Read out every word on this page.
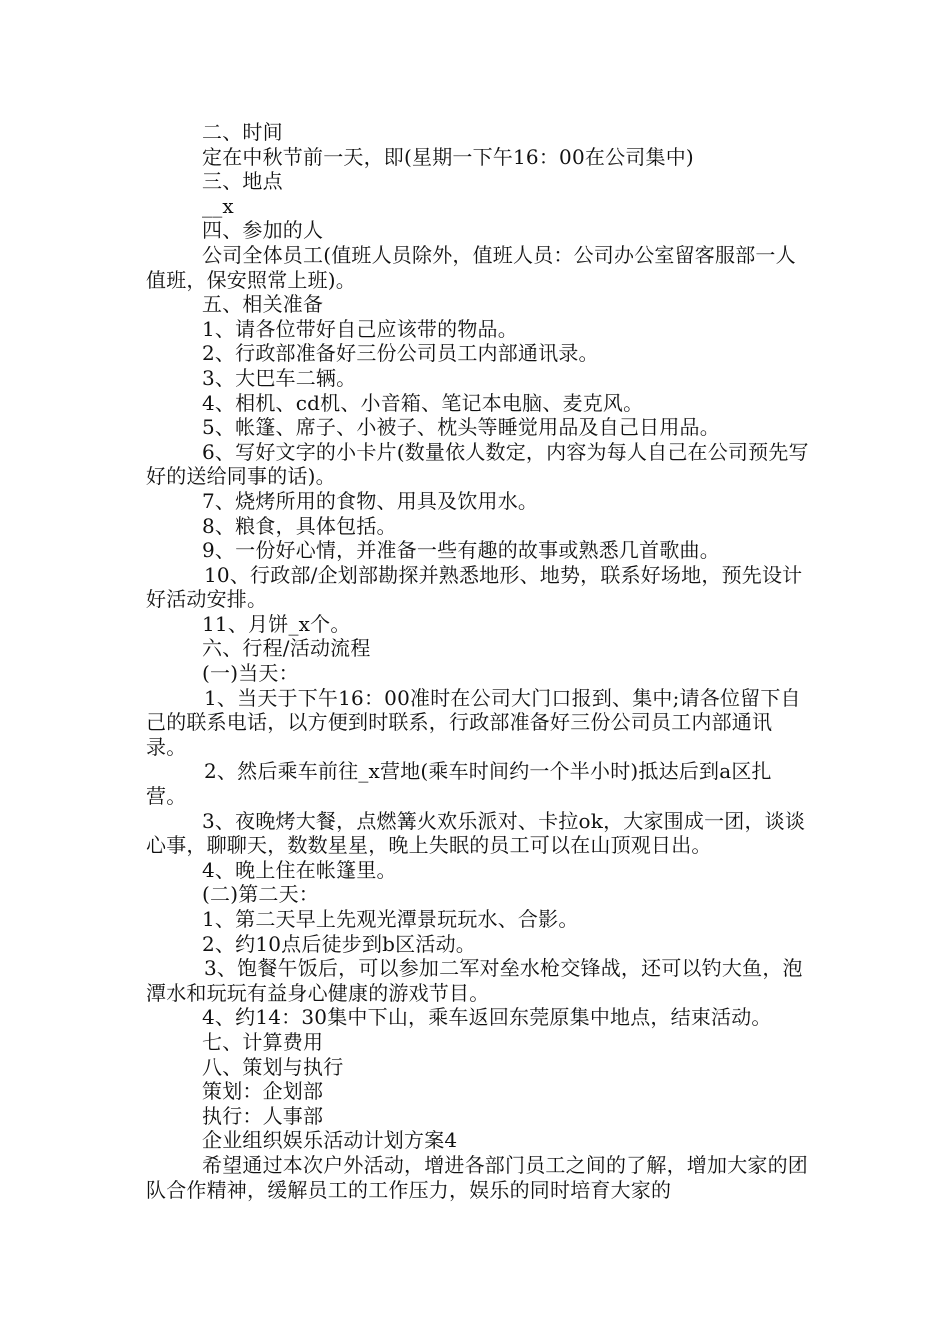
二、时间

定在中秋节前一天，即(星期一下午16：00在公司集中)

三、地点

__x

四、参加的人

公司全体员工(值班人员除外，值班人员：公司办公室留客服部一人值班，保安照常上班)。

五、相关准备

1、请各位带好自己应该带的物品。

2、行政部准备好三份公司员工内部通讯录。

3、大巴车二辆。

4、相机、cd机、小音箱、笔记本电脑、麦克风。

5、帐篷、席子、小被子、枕头等睡觉用品及自己日用品。

6、写好文字的小卡片(数量依人数定，内容为每人自己在公司预先写好的送给同事的话)。

7、烧烤所用的食物、用具及饮用水。

8、粮食，具体包括。

9、一份好心情，并准备一些有趣的故事或熟悉几首歌曲。

10、行政部/企划部勘探并熟悉地形、地势，联系好场地，预先设计好活动安排。

11、月饼_x个。

六、行程/活动流程

(一)当天：

1、当天于下午16：00准时在公司大门口报到、集中;请各位留下自己的联系电话，以方便到时联系，行政部准备好三份公司员工内部通讯录。

2、然后乘车前往_x营地(乘车时间约一个半小时)抵达后到a区扎营。

3、夜晚烤大餐，点燃篝火欢乐派对、卡拉ok，大家围成一团，谈谈心事，聊聊天，数数星星，晚上失眠的员工可以在山顶观日出。

4、晚上住在帐篷里。

(二)第二天：

1、第二天早上先观光潭景玩玩水、合影。

2、约10点后徒步到b区活动。

3、饱餐午饭后，可以参加二军对垒水枪交锋战，还可以钓大鱼，泡潭水和玩玩有益身心健康的游戏节目。

4、约14：30集中下山，乘车返回东莞原集中地点，结束活动。

七、计算费用

八、策划与执行

策划：企划部

执行：人事部

企业组织娱乐活动计划方案4

希望通过本次户外活动，增进各部门员工之间的了解，增加大家的团队合作精神，缓解员工的工作压力，娱乐的同时培育大家的
